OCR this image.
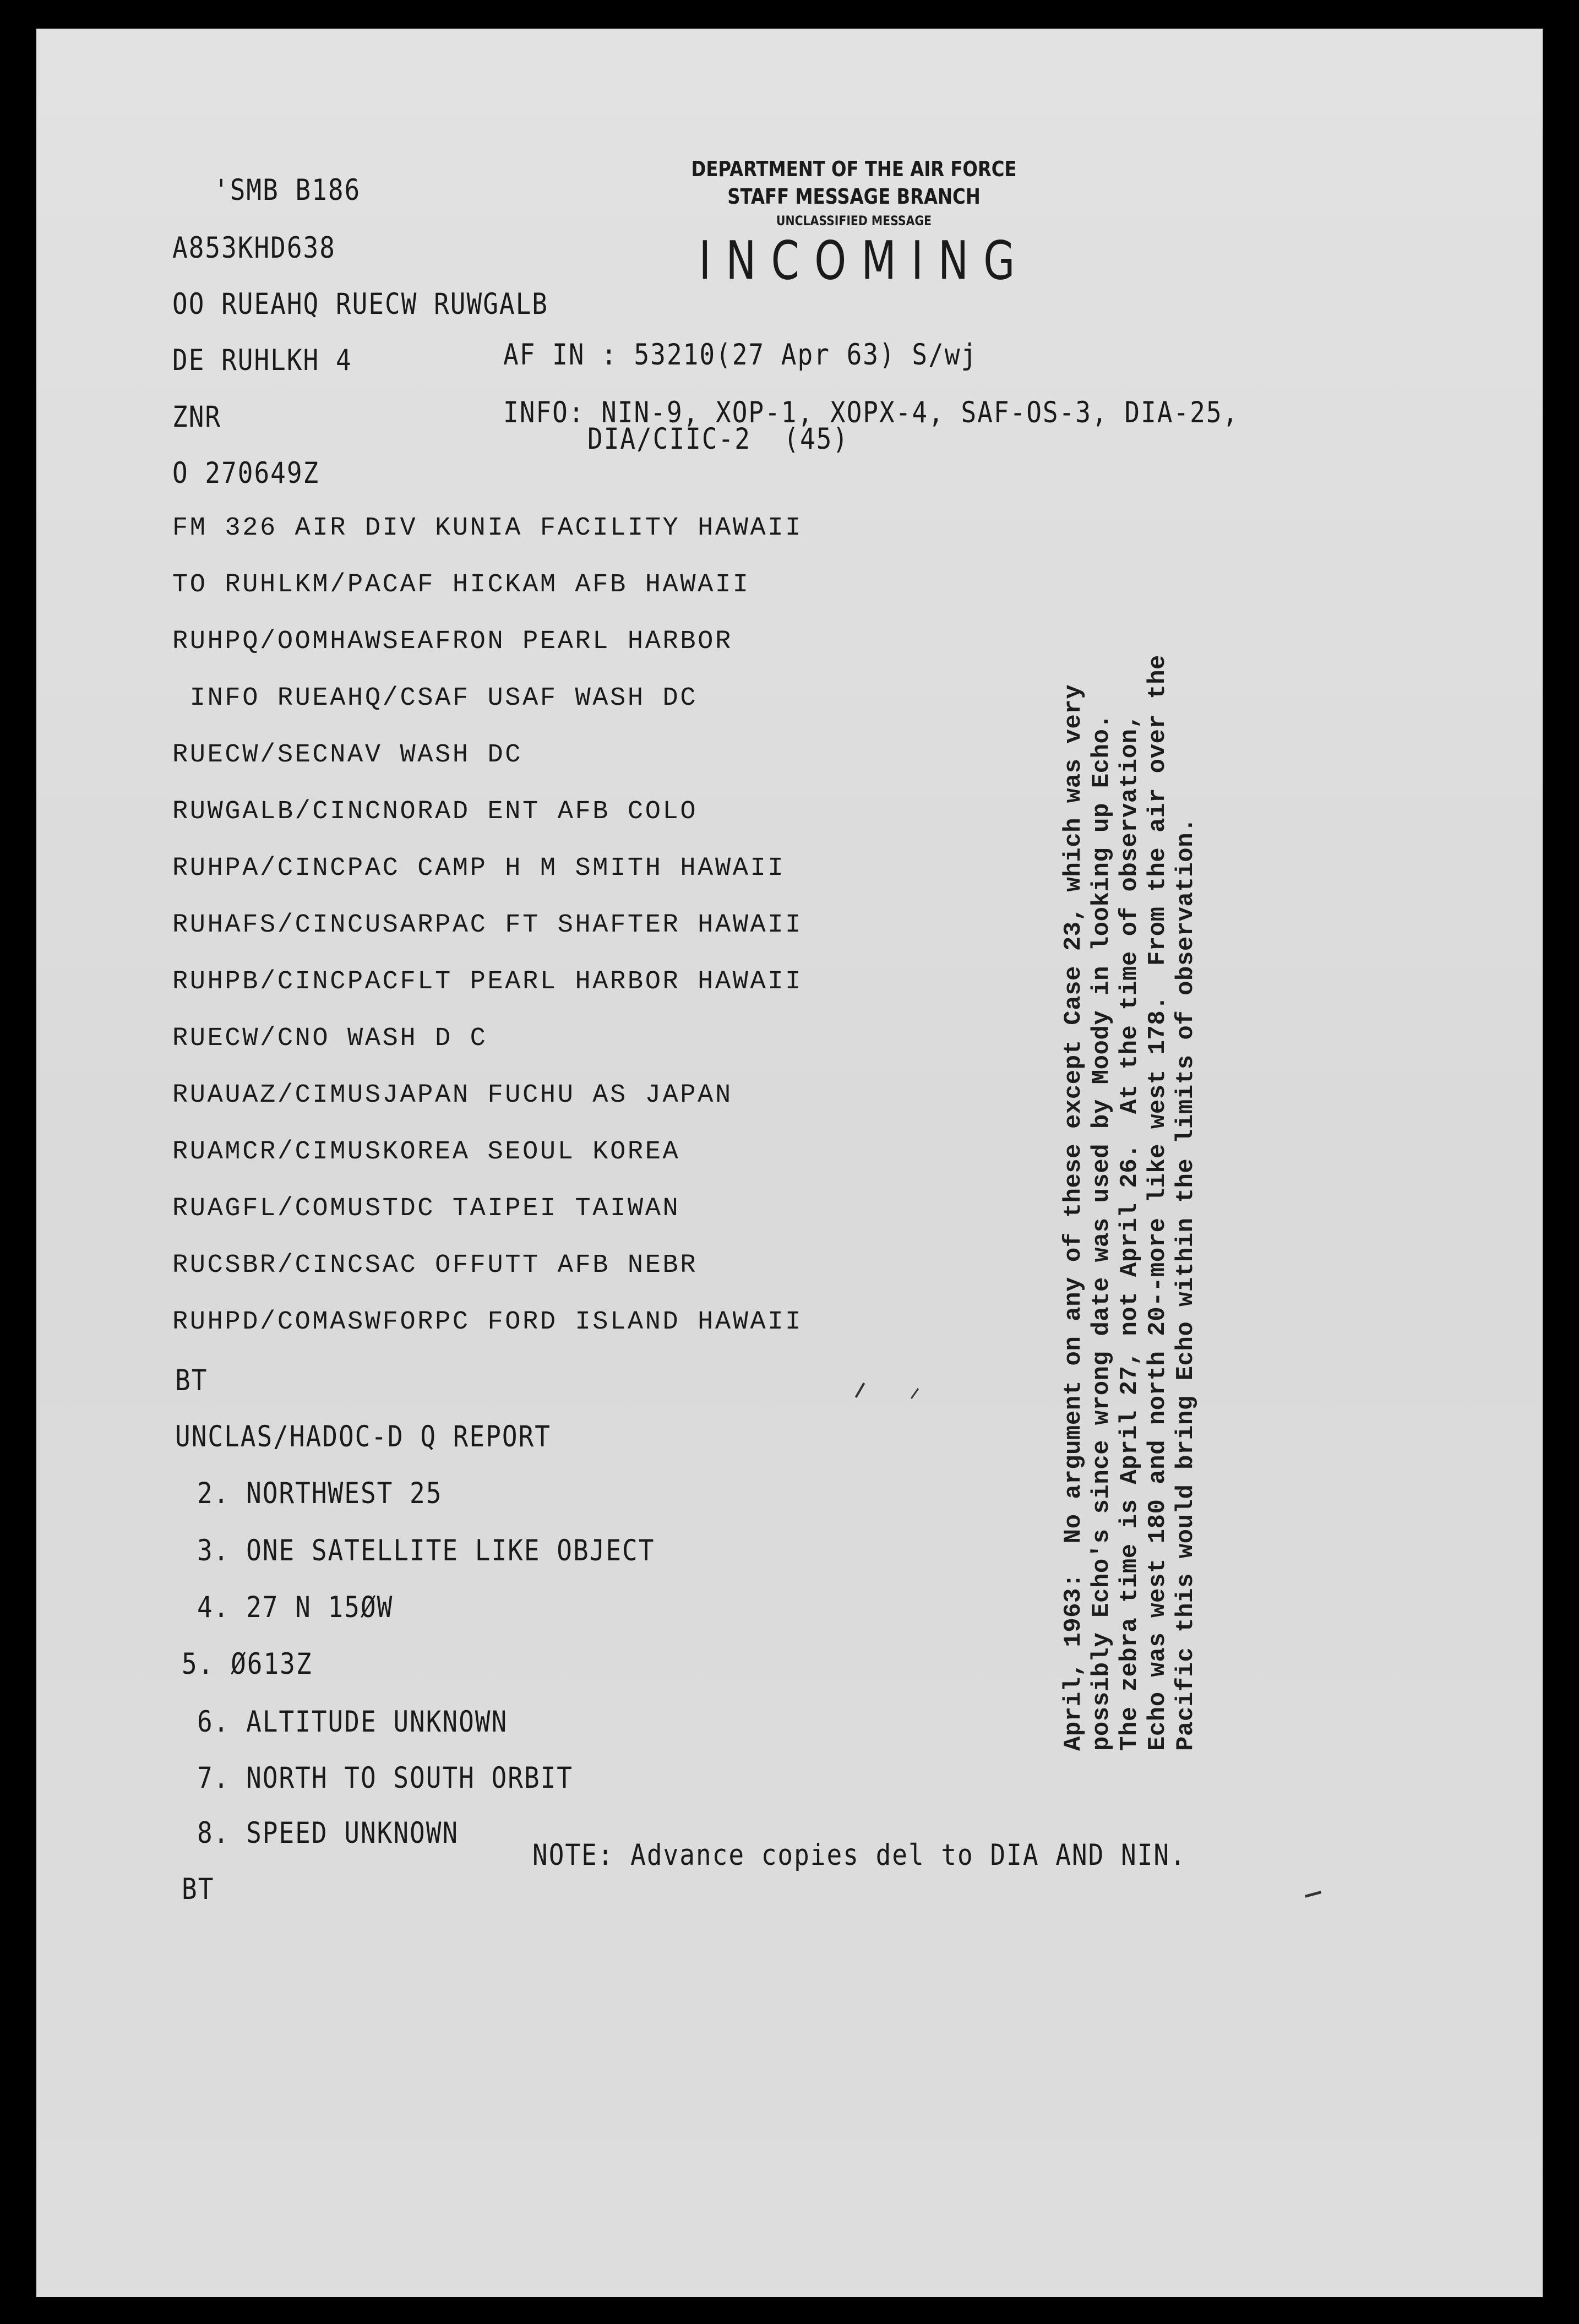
DEPARTMENT OF THE AIR FORCE
STAFF MESSAGE BRANCH
UNCLASSIFIED MESSAGE
INCOMING
'SMB B186
A853KHD638
OO RUEAHQ RUECW RUWGALB
DE RUHLKH 4
ZNR
O 270649Z
AF IN : 53210(27 Apr 63) S/wj
INFO: NIN-9, XOP-1, XOPX-4, SAF-OS-3, DIA-25,
DIA/CIIC-2  (45)
FM 326 AIR DIV KUNIA FACILITY HAWAII
TO RUHLKM/PACAF HICKAM AFB HAWAII
RUHPQ/OOMHAWSEAFRON PEARL HARBOR
INFO RUEAHQ/CSAF USAF WASH DC
RUECW/SECNAV WASH DC
RUWGALB/CINCNORAD ENT AFB COLO
RUHPA/CINCPAC CAMP H M SMITH HAWAII
RUHAFS/CINCUSARPAC FT SHAFTER HAWAII
RUHPB/CINCPACFLT PEARL HARBOR HAWAII
RUECW/CNO WASH D C
RUAUAZ/CIMUSJAPAN FUCHU AS JAPAN
RUAMCR/CIMUSKOREA SEOUL KOREA
RUAGFL/COMUSTDC TAIPEI TAIWAN
RUCSBR/CINCSAC OFFUTT AFB NEBR
RUHPD/COMASWFORPC FORD ISLAND HAWAII
BT
UNCLAS/HADOC-D Q REPORT
2. NORTHWEST 25
3. ONE SATELLITE LIKE OBJECT
4. 27 N 15ØW
5. Ø613Z
6. ALTITUDE UNKNOWN
7. NORTH TO SOUTH ORBIT
8. SPEED UNKNOWN
BT
NOTE: Advance copies del to DIA AND NIN.
April, 1963:  No argument on any of these except Case 23, which was very possibly Echo's since wrong date was used by Moody in looking up Echo. The zebra time is April 27, not April 26.  At the time of observation, Echo was west 180 and north 20--more like west 178.  From the air over the Pacific this would bring Echo within the limits of observation.
